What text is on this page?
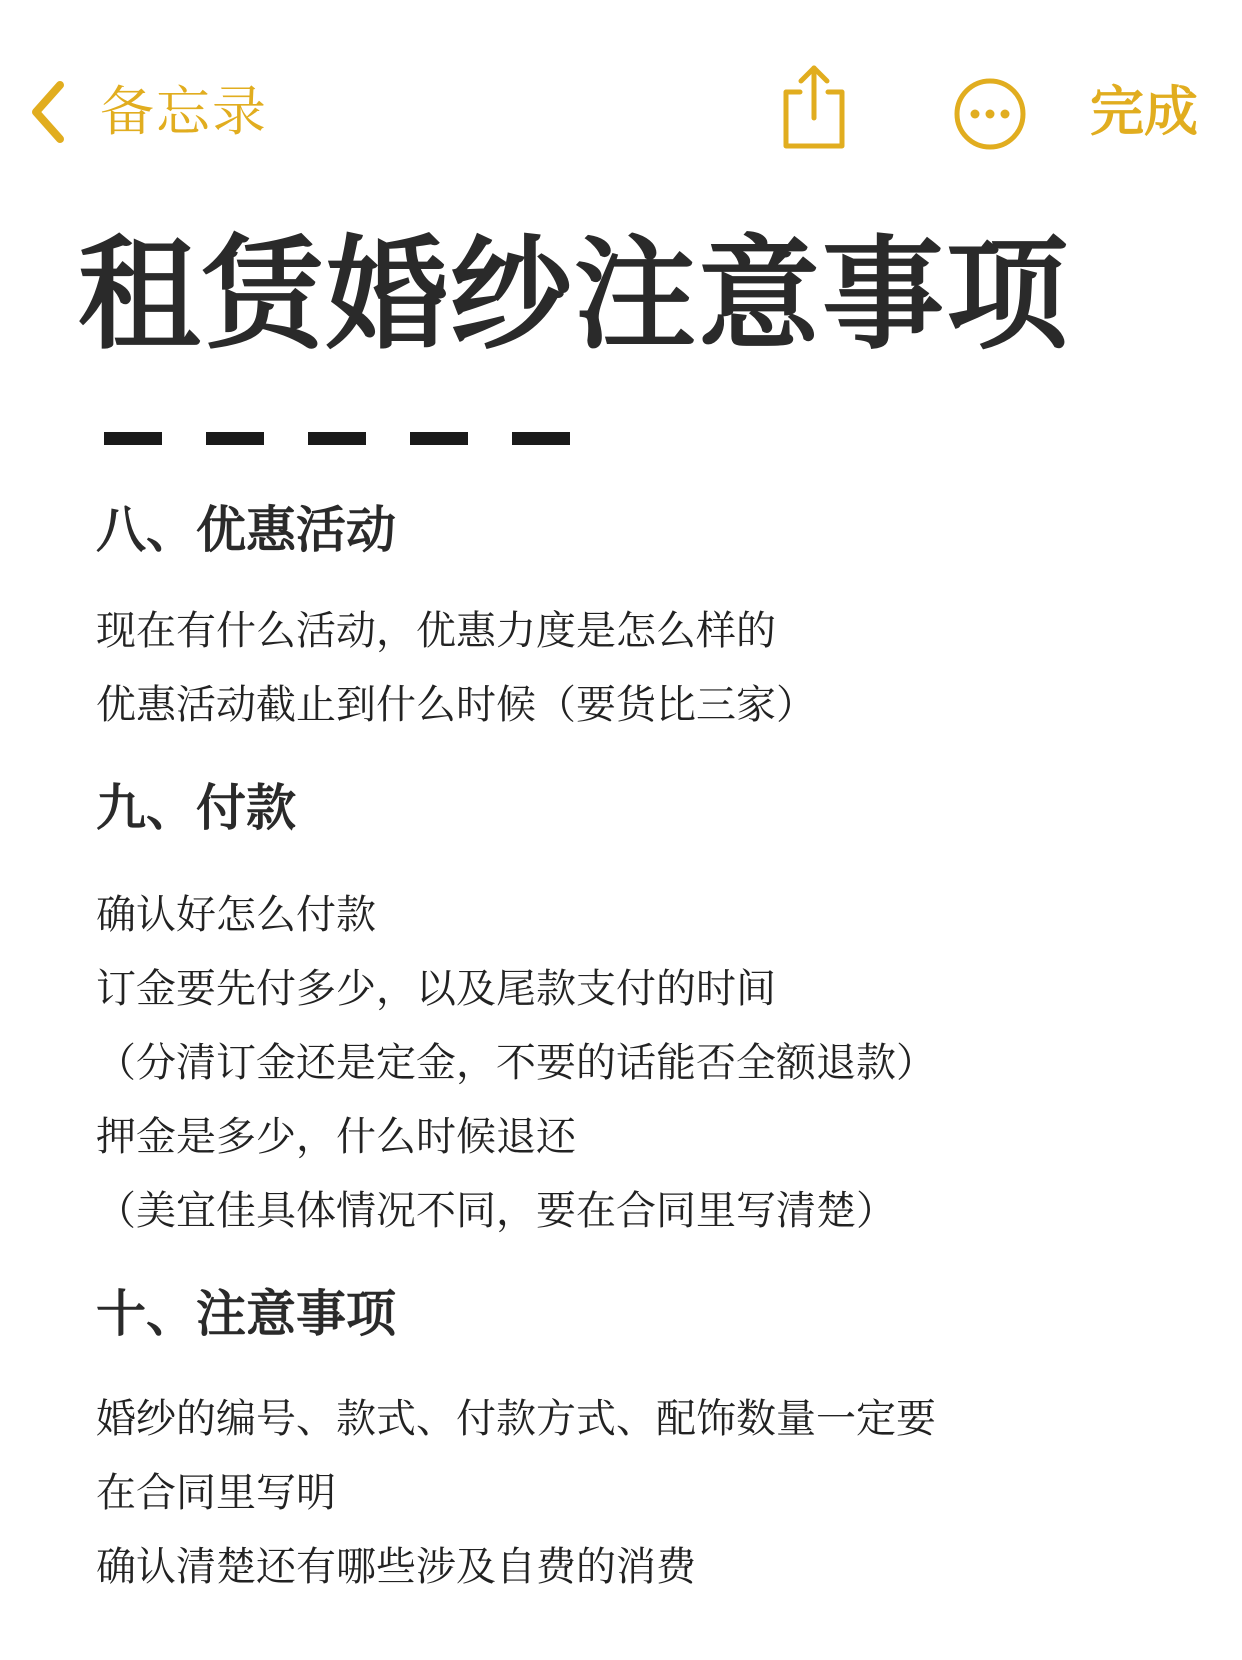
备忘录	完成
租赁婚纱注意事项
八、优惠活动

现在有什么活动，优惠力度是怎么样的

优惠活动截止到什么时候（要货比三家）

九、付款

确认好怎么付款

订金要先付多少，以及尾款支付的时间

（分清订金还是定金，不要的话能否全额退款）

押金是多少，什么时候退还

（美宜佳具体情况不同，要在合同里写清楚）

十、注意事项

婚纱的编号、款式、付款方式、配饰数量一定要

在合同里写明

确认清楚还有哪些涉及自费的消费
